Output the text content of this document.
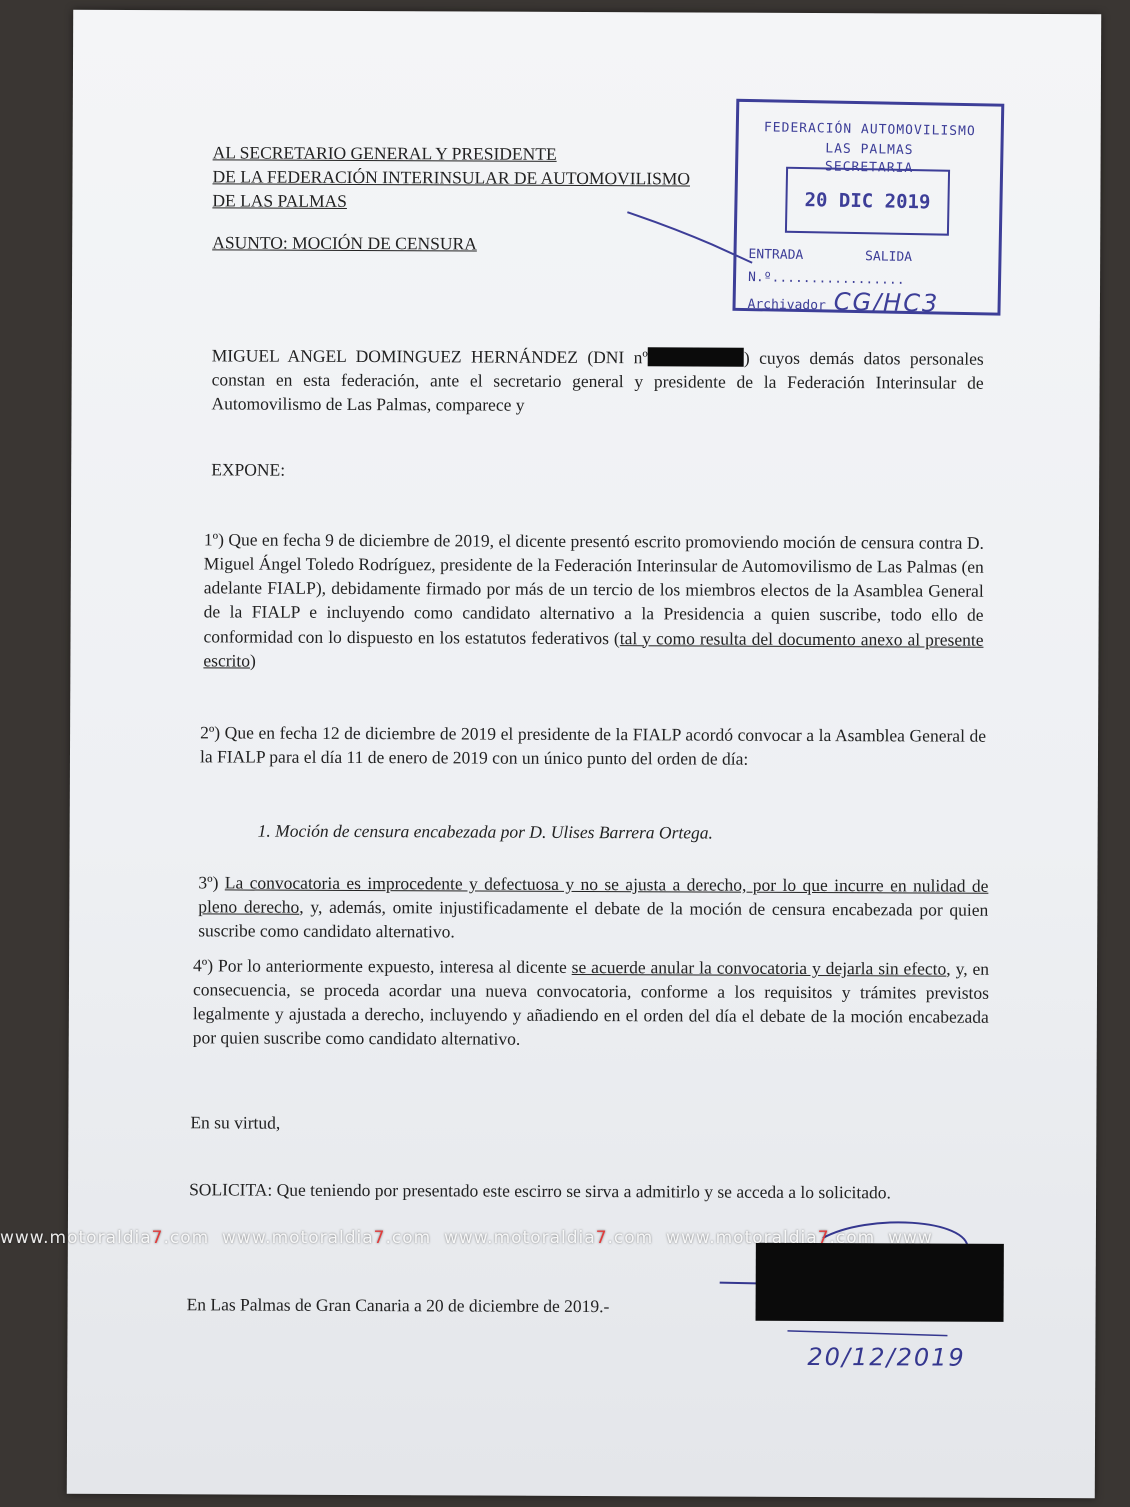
AL SECRETARIO GENERAL Y PRESIDENTE
DE LA FEDERACIÓN INTERINSULAR DE AUTOMOVILISMO
DE LAS PALMAS

ASUNTO: MOCIÓN DE CENSURA

FEDERACIÓN AUTOMOVILISMO
LAS PALMAS
SECRETARIA
20 DIC 2019
ENTRADA	SALIDA
N.º.................
Archivador CG/HC3

MIGUEL ANGEL DOMINGUEZ HERNÁNDEZ (DNI nº	) cuyos demás datos personales constan en esta federación, ante el secretario general y presidente de la Federación Interinsular de Automovilismo de Las Palmas, comparece y

EXPONE:

1º) Que en fecha 9 de diciembre de 2019, el dicente presentó escrito promoviendo moción de censura contra D. Miguel Ángel Toledo Rodríguez, presidente de la Federación Interinsular de Automovilismo de Las Palmas (en adelante FIALP), debidamente firmado por más de un tercio de los miembros electos de la Asamblea General de la FIALP e incluyendo como candidato alternativo a la Presidencia a quien suscribe, todo ello de conformidad con lo dispuesto en los estatutos federativos (tal y como resulta del documento anexo al presente escrito)

2º) Que en fecha 12 de diciembre de 2019 el presidente de la FIALP acordó convocar a la Asamblea General de la FIALP para el día 11 de enero de 2019 con un único punto del orden de día:

1. Moción de censura encabezada por D. Ulises Barrera Ortega.

3º) La convocatoria es improcedente y defectuosa y no se ajusta a derecho, por lo que incurre en nulidad de pleno derecho, y, además, omite injustificadamente el debate de la moción de censura encabezada por quien suscribe como candidato alternativo.

4º) Por lo anteriormente expuesto, interesa al dicente se acuerde anular la convocatoria y dejarla sin efecto, y, en consecuencia, se proceda acordar una nueva convocatoria, conforme a los requisitos y trámites previstos legalmente y ajustada a derecho, incluyendo y añadiendo en el orden del día el debate de la moción encabezada por quien suscribe como candidato alternativo.

En su virtud,

SOLICITA: Que teniendo por presentado este escirro se sirva a admitirlo y se acceda a lo solicitado.

En Las Palmas de Gran Canaria a 20 de diciembre de 2019.-

20/12/2019
www.motoraldia7.com  www.motoraldia7.com  www.motoraldia7.com  www.motoraldia7.com  www
